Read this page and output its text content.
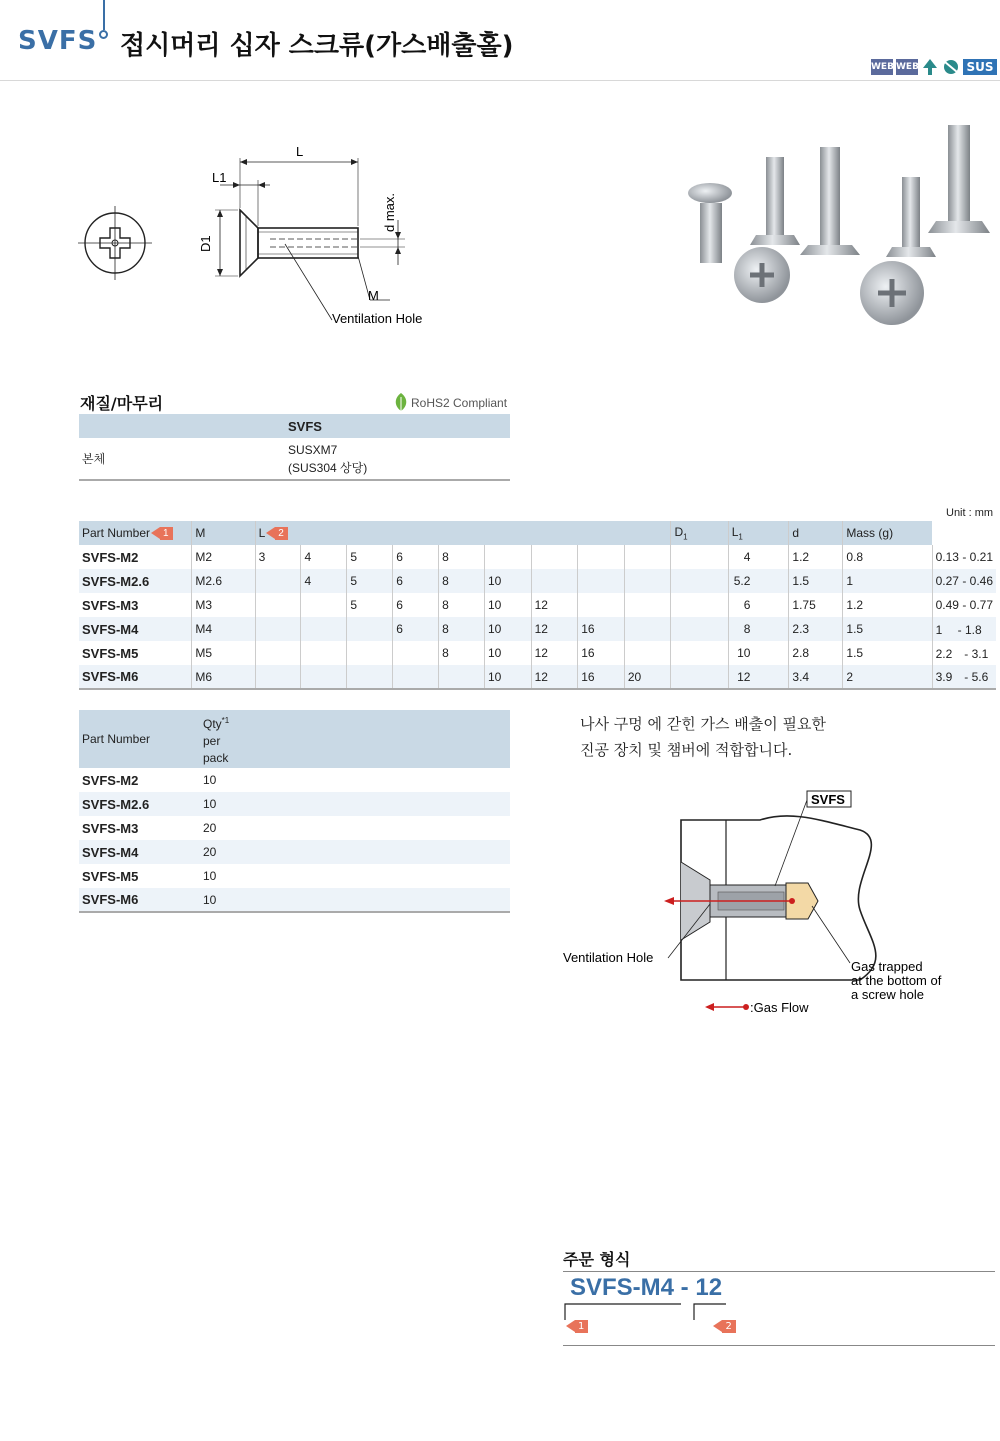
SVFS 접시머리 십자 스크류(가스배출홀)
WEB WEB	SUS
L
L1
D1
d max.
M
Ventilation Hole
재질/마무리	RoHS2 Compliant
	SVFS
본체	SUSXM7
(SUS304 상당)
Unit : mm
Part Number 1	M	L 2									$D_1$	$L_1$	d	Mass (g)	
SVFS-M2	M2	3	4	5	6	8						4	1.2	0.8	0.13 - 0.21
SVFS-M2.6	M2.6		4	5	6	8	10					5.2	1.5	1	0.27 - 0.46
SVFS-M3	M3			5	6	8	10	12				6	1.75	1.2	0.49 - 0.77
SVFS-M4	M4				6	8	10	12	16			8	2.3	1.5	1　 - 1.8
SVFS-M5	M5					8	10	12	16			10	2.8	1.5	2.2　- 3.1
SVFS-M6	M6						10	12	16	20		12	3.4	2	3.9　- 5.6
Part Number	Qty$^{*1}$
per
pack

SVFS-M2	10
SVFS-M2.6	10
SVFS-M3	20
SVFS-M4	20
SVFS-M5	10
SVFS-M6	10
나사 구멍 에 갇힌 가스 배출이 필요한
진공 장치 및 챔버에 적합합니다.
SVFS
Ventilation Hole
Gas trapped
at the bottom of
a screw hole
:Gas Flow
주문 형식
SVFS-M4 - 12
1	2
